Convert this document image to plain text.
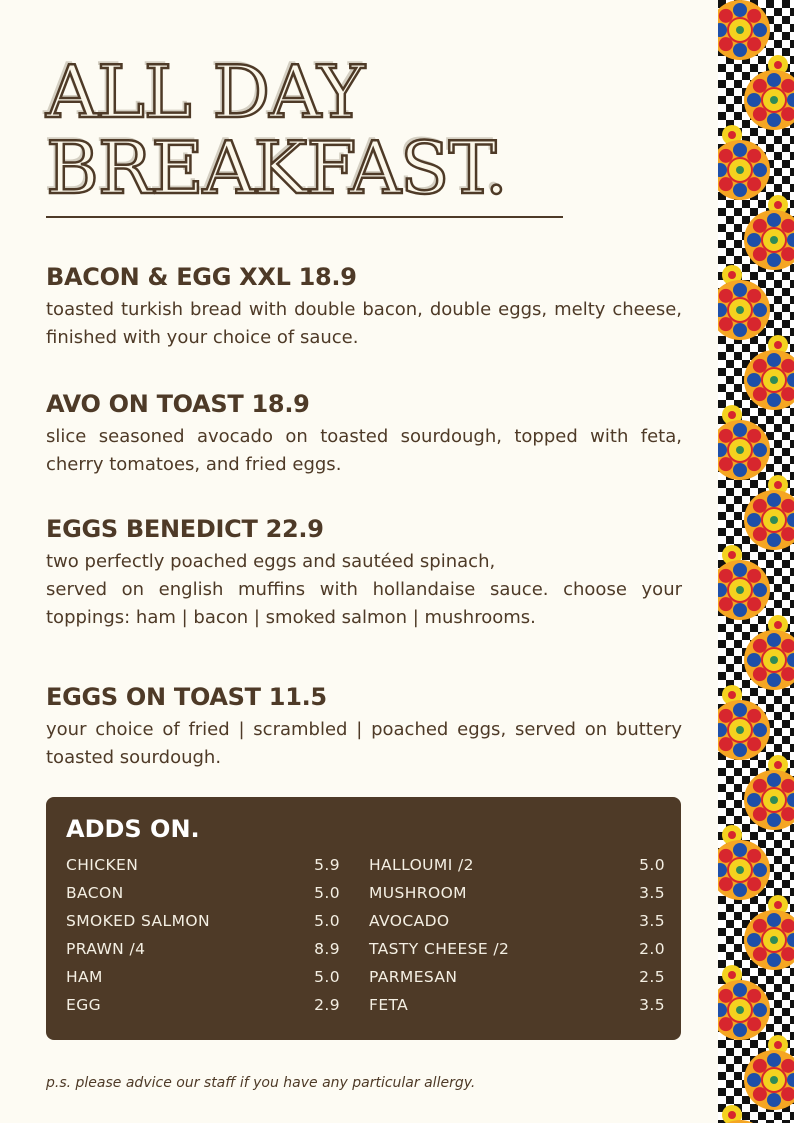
ALL DAY
BREAKFAST.
BACON & EGG XXL 18.9

toasted turkish bread with double bacon, double eggs, melty cheese, finished with your choice of sauce.

AVO ON TOAST 18.9

slice seasoned avocado on toasted sourdough, topped with feta, cherry tomatoes, and fried eggs.

EGGS BENEDICT 22.9

two perfectly poached eggs and sautéed spinach,

served on english muffins with hollandaise sauce. choose your toppings: ham | bacon | smoked salmon | mushrooms.

EGGS ON TOAST 11.5

your choice of fried | scrambled | poached eggs, served on buttery toasted sourdough.

ADDS ON.
CHICKEN	5.9
BACON	5.0
SMOKED SALMON	5.0
PRAWN /4	8.9
HAM	5.0
EGG	2.9
HALLOUMI /2	5.0
MUSHROOM	3.5
AVOCADO	3.5
TASTY CHEESE /2	2.0
PARMESAN	2.5
FETA	3.5

p.s. please advice our staff if you have any particular allergy.
